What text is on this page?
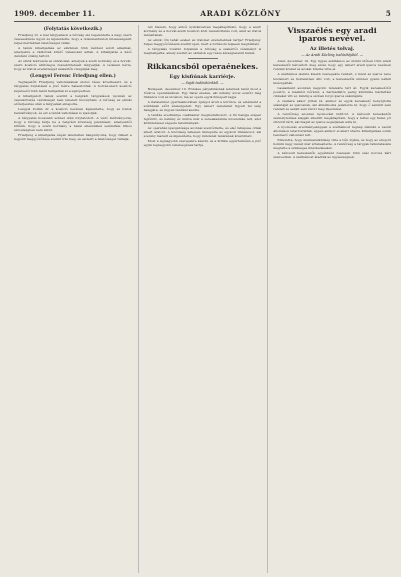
1909. december 11.	ARADI KÖZLÖNY	5
(Folytatás következik.)

Friedjung úr, a mai tárgyaláson a bíróság elé bejelentette a nagy szerb összeesküvés ügyét és kijelentette, hogy a dokumentumok hitelességéért teljes mértékben felelősséget vállal.

A tanuk kihallgatása az elnöknek több kérdést adott alkalmat, amelyekre a vádlottak kitérő válaszokat adtak. A kihallgatás a késő délutáni órákig tartott.

Az elnök felolvasta az okiratokat, amelyek a szerb kormány és a horvát-szerb koalíció állítólagos összeköttetését tárgyalják. A védelem kérte, hogy az iratok eredetiségét szakértők vizsgálják meg.

(Lengyel Ferenc Friedjung ellen.)

Tegnapelőtt Friedjung vallomásának utolsó része következett, és a tárgyalás folytatását a jövő hétre halasztották. A horvát-szerb koalíció képviselői több tanút hallgattak ki a sajtóperben.

A kihallgatott tanuk szerint a belgrádi tárgyalások nyomán az összeköttetés valódiságát nem lehetett bizonyítani. A bíróság az elnöki előterjesztés után a tárgyalást elnapolta.

Lengyel Zoltán dr. a koalíció nevében kijelentette, hogy az iratok hamisítványok, és ezt a tanúk vallomásai is igazolják.

A tárgyalás hosszabb szünet után folytatódott. A védő indítványozta, hogy a bíróság kérje be a belgrádi követség jelentéseit, amelyekből kitűnik, hogy a szerb kormány a hazai ellenzékkel semmiféle titkos szövetségben nem állott.

Friedjung a kihallgatás végén ismételten hangsúlyozta, hogy cikkeit a legjobb meggyőződése szerint írta meg, és azokért a felelősséget vállalja.

Azt hiszem, hogy ebből nyilvánvalóan megállapítható, hogy a szerb kormány és a horvát-szerb koalíció közt összeköttetés volt, amit az iratok tanúsítanak.

Az elnök: Ön tehát ezeket az iratokat eredetieknek tartja? Friedjung: Teljes meggyőződésem szerint igen, mert a forrásom teljesen megbízható.

A tárgyalás további folyamán a bíróság a szakértői véleményt is meghallgatta, amely szerint az okiratok egy része kétségtelenül hamis.

Rikkancsból operaénekes.
Egy kisfiúnak karriérje.
— Saját tudósítónktól. —

Budapest, december 10. Érdekes pályafutásnak lehetnek tanúi most a főváros operaházában. Egy fiatal énekes, aki néhány évvel ezelőtt még rikkancs volt az utcákon, ma az opera egyik ünnepelt tagja.

A fiatalember gyermekkorában újságot árult a körúton, és esténként a színházak előtt énekelgetett. Egy ismert zenetanár figyelt fel szép hangjára, és ingyen tanítani kezdte.

A tanítás eredménye csakhamar megmutatkozott. A fiú hangja szépen fejlődött, és néhány év múlva már a zeneakadémia növendéke lett, ahol kitüntetéssel végezte tanulmányait.

Az operaház igazgatósága azonnal szerződtette, és első fellépése óriási sikert aratott. A közönség lelkesen ünnepelte az egykori rikkancsot, aki szerény maradt és kijelentette, hogy mindenét tanárának köszönheti.

Most a legnagyobb szerepekre készül, és a kritika egyértelműen a jövő egyik legnagyobb tehetségének tartja.

Visszaélés egy aradi iparos nevével.
Az illetés tolvaj.
— Az Aradi Közlöny tudósítójától. —

Arad, december 10. Egy ügyes szélhámos az utóbbi időben több aradi kereskedőt károsított meg azzal, hogy egy ismert aradi iparos nevében rendelt árukat és azokat hitelbe vitte el.

A szélhámos eleinte kisebb összegekre rendelt, s mivel az iparos neve közismert és tiszteletben álló volt, a kereskedők minden gyanú nélkül kiszolgálták.

Lassanként azonban nagyobb tételekre tért át. Egyik kereskedőtől posztót, a másiktól bőrárut, a harmadiktól pedig különféle háztartási cikkeket vitt el, mindig a szóban forgó iparos számlájára.

A csalásra akkor jöttek rá, amikor az egyik kereskedő benyújtotta számláját az iparosnak, aki álmélkodva jelentette ki, hogy ő semmit sem rendelt és senkit sem bízott meg ilyesmivel.

A rendőrség azonnal nyomozást indított. A károsult kereskedők személyleírása alapján sikerült megállapítani, hogy a tettes egy fiatal, jól öltözött férfi, aki magát az iparos segédjének adta ki.

A nyomozás eredményeképpen a szélhámost tegnap délután a vasúti állomáson letartóztatták, éppen amikor el akart utazni. Kihallgatása során beismerő vallomást tett.

Elmondta, hogy munkanélküliség vitte a bűn útjára, és hogy az ellopott holmik nagy részét már értékesítette. A rendőrség a tárgyak felkutatására megtette a szükséges intézkedéseket.

A károsult kereskedők egyébként összesen több száz korona kárt szenvedtek. A szélhámost átadták az ügyészségnek.
